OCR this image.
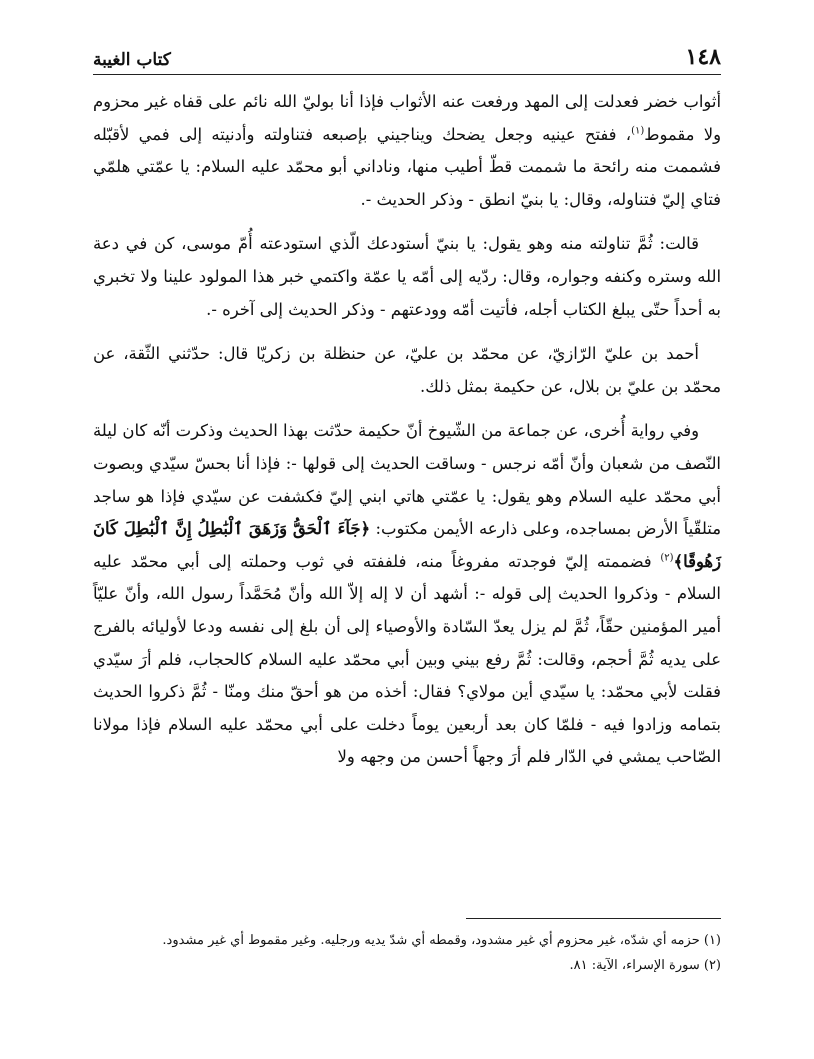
١٤٨
كتاب الغيبة

أثواب خضر فعدلت إلى المهد ورفعت عنه الأثواب فإذا أنا بوليّ الله نائم على قفاه غير محزوم ولا مقموط$^{(١)}$، ففتح عينيه وجعل يضحك ويناجيني بإصبعه فتناولته وأدنيته إلى فمي لأقبّله فشممت منه رائحة ما شممت قطّ أطيب منها، وناداني أبو محمّد عليه السلام: يا عمّتي هلمّي فتاي إليّ فتناوله، وقال: يا بنيّ انطق - وذكر الحديث -.

قالت: ثُمَّ تناولته منه وهو يقول: يا بنيّ أستودعك الّذي استودعته أُمّ موسى، كن في دعة الله وستره وكنفه وجواره، وقال: ردّيه إلى أمّه يا عمّة واكتمي خبر هذا المولود علينا ولا تخبري به أحداً حتّى يبلغ الكتاب أجله، فأتيت أمّه وودعتهم - وذكر الحديث إلى آخره -.

أحمد بن عليّ الرّازيّ، عن محمّد بن عليّ، عن حنظلة بن زكريّا قال: حدّثني الثّقة، عن محمّد بن عليّ بن بلال، عن حكيمة بمثل ذلك.

وفي رواية أُخرى، عن جماعة من الشّيوخ أنّ حكيمة حدّثت بهذا الحديث وذكرت أنّه كان ليلة النّصف من شعبان وأنّ أمّه نرجس - وساقت الحديث إلى قولها -: فإذا أنا بحسّ سيّدي وبصوت أبي محمّد عليه السلام وهو يقول: يا عمّتي هاتي ابني إليّ فكشفت عن سيّدي فإذا هو ساجد متلقّياً الأرض بمساجده، وعلى ذارعه الأيمن مكتوب: ﴿جَآءَ ٱلْحَقُّ وَزَهَقَ ٱلْبَٰطِلُ إِنَّ ٱلْبَٰطِلَ كَانَ زَهُوقًا﴾$^{(٢)}$ فضممته إليّ فوجدته مفروغاً منه، فلففته في ثوب وحملته إلى أبي محمّد عليه السلام - وذكروا الحديث إلى قوله -: أشهد أن لا إله إلاّ الله وأنّ مُحَمَّداً رسول الله، وأنّ عليّاً أمير المؤمنين حقّاً، ثُمَّ لم يزل يعدّ السّادة والأوصياء إلى أن بلغ إلى نفسه ودعا لأوليائه بالفرج على يديه ثُمَّ أحجم، وقالت: ثُمَّ رفع بيني وبين أبي محمّد عليه السلام كالحجاب، فلم أرَ سيّدي فقلت لأبي محمّد: يا سيّدي أين مولاي؟ فقال: أخذه من هو أحقّ منك ومنّا - ثُمَّ ذكروا الحديث بتمامه وزادوا فيه - فلمّا كان بعد أربعين يوماً دخلت على أبي محمّد عليه السلام فإذا مولانا الصّاحب يمشي في الدّار فلم أرَ وجهاً أحسن من وجهه ولا

(١) حزمه أي شدّه، غير محزوم أي غير مشدود، وقمطه أي شدّ يديه ورجليه. وغير مقموط أي غير مشدود.

(٢) سورة الإسراء، الآية: ٨١.
